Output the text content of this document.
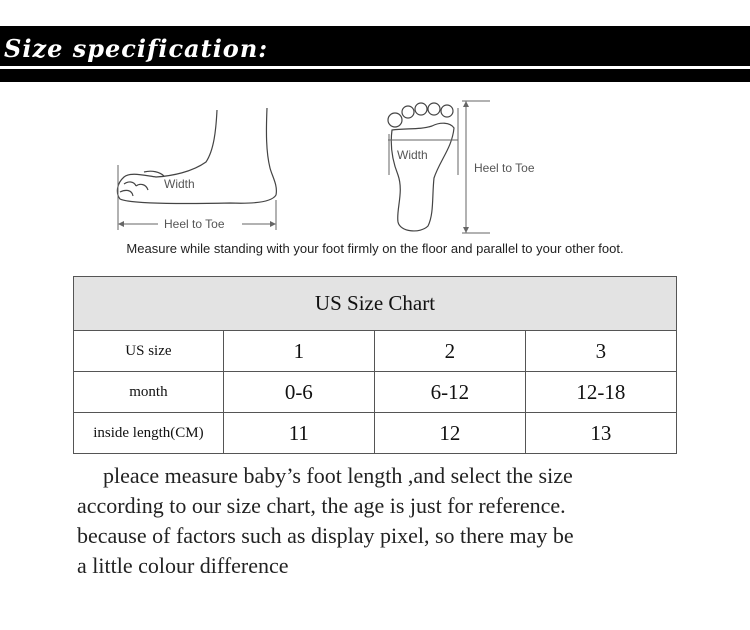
Size specification:
Width
Heel to Toe
Width
Heel to Toe
Measure while standing with your foot firmly on the floor and parallel to your other foot.
US Size Chart			
US size	1	2	3
month	0-6	6-12	12-18
inside length(CM)	11	12	13

pleace measure baby’s foot length ,and select the size

according to our size chart, the age is just for reference.

because of factors such as display pixel, so there may be

a little colour difference
